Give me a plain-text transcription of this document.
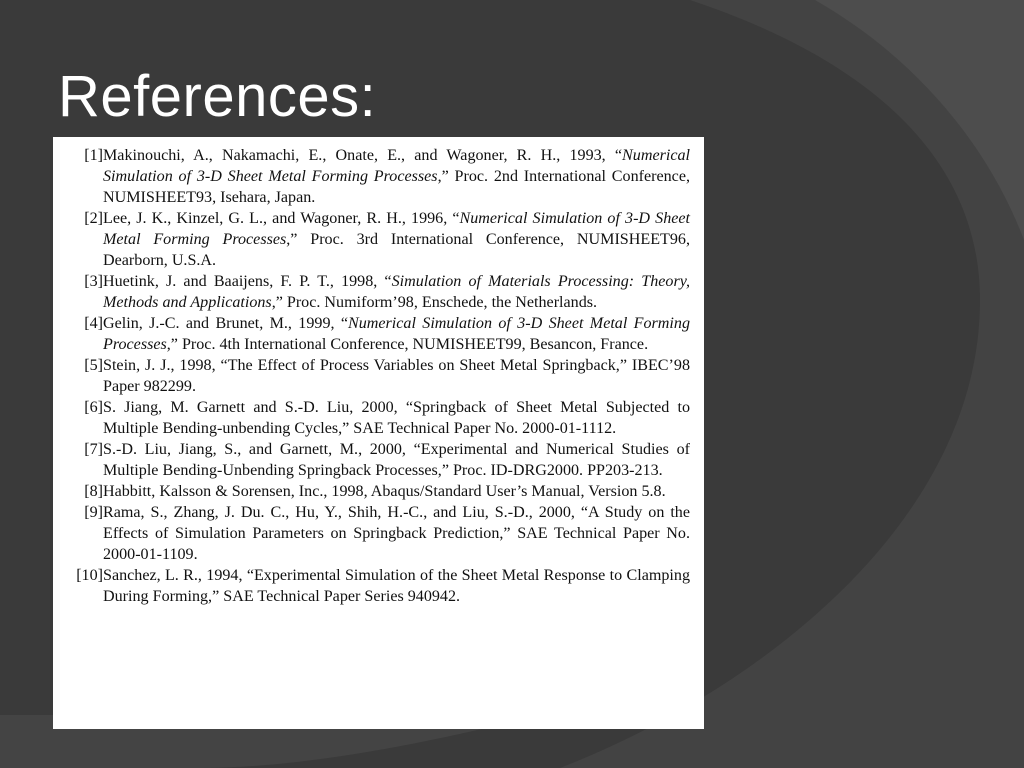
References:
[1] Makinouchi, A., Nakamachi, E., Onate, E., and Wagoner, R. H., 1993, “Numerical Simulation of 3-D Sheet Metal Forming Processes,” Proc. 2nd International Conference, NUMISHEET93, Isehara, Japan.
[2] Lee, J. K., Kinzel, G. L., and Wagoner, R. H., 1996, “Numerical Simulation of 3-D Sheet Metal Forming Processes,” Proc. 3rd International Conference, NUMISHEET96, Dearborn, U.S.A.
[3] Huetink, J. and Baaijens, F. P. T., 1998, “Simulation of Materials Processing: Theory, Methods and Applications,” Proc. Numiform’98, Enschede, the Netherlands.
[4] Gelin, J.-C. and Brunet, M., 1999, “Numerical Simulation of 3-D Sheet Metal Forming Processes,” Proc. 4th International Conference, NUMISHEET99, Besancon, France.
[5] Stein, J. J., 1998, “The Effect of Process Variables on Sheet Metal Springback,” IBEC’98 Paper 982299.
[6] S. Jiang, M. Garnett and S.-D. Liu, 2000, “Springback of Sheet Metal Subjected to Multiple Bending-unbending Cycles,” SAE Technical Paper No. 2000-01-1112.
[7] S.-D. Liu, Jiang, S., and Garnett, M., 2000, “Experimental and Numerical Studies of Multiple Bending-Unbending Springback Processes,” Proc. ID-DRG2000. PP203-213.
[8] Habbitt, Kalsson & Sorensen, Inc., 1998, Abaqus/Standard User’s Manual, Version 5.8.
[9] Rama, S., Zhang, J. Du. C., Hu, Y., Shih, H.-C., and Liu, S.-D., 2000, “A Study on the Effects of Simulation Parameters on Springback Prediction,” SAE Technical Paper No. 2000-01-1109.
[10] Sanchez, L. R., 1994, “Experimental Simulation of the Sheet Metal Response to Clamping During Forming,” SAE Technical Paper Series 940942.
